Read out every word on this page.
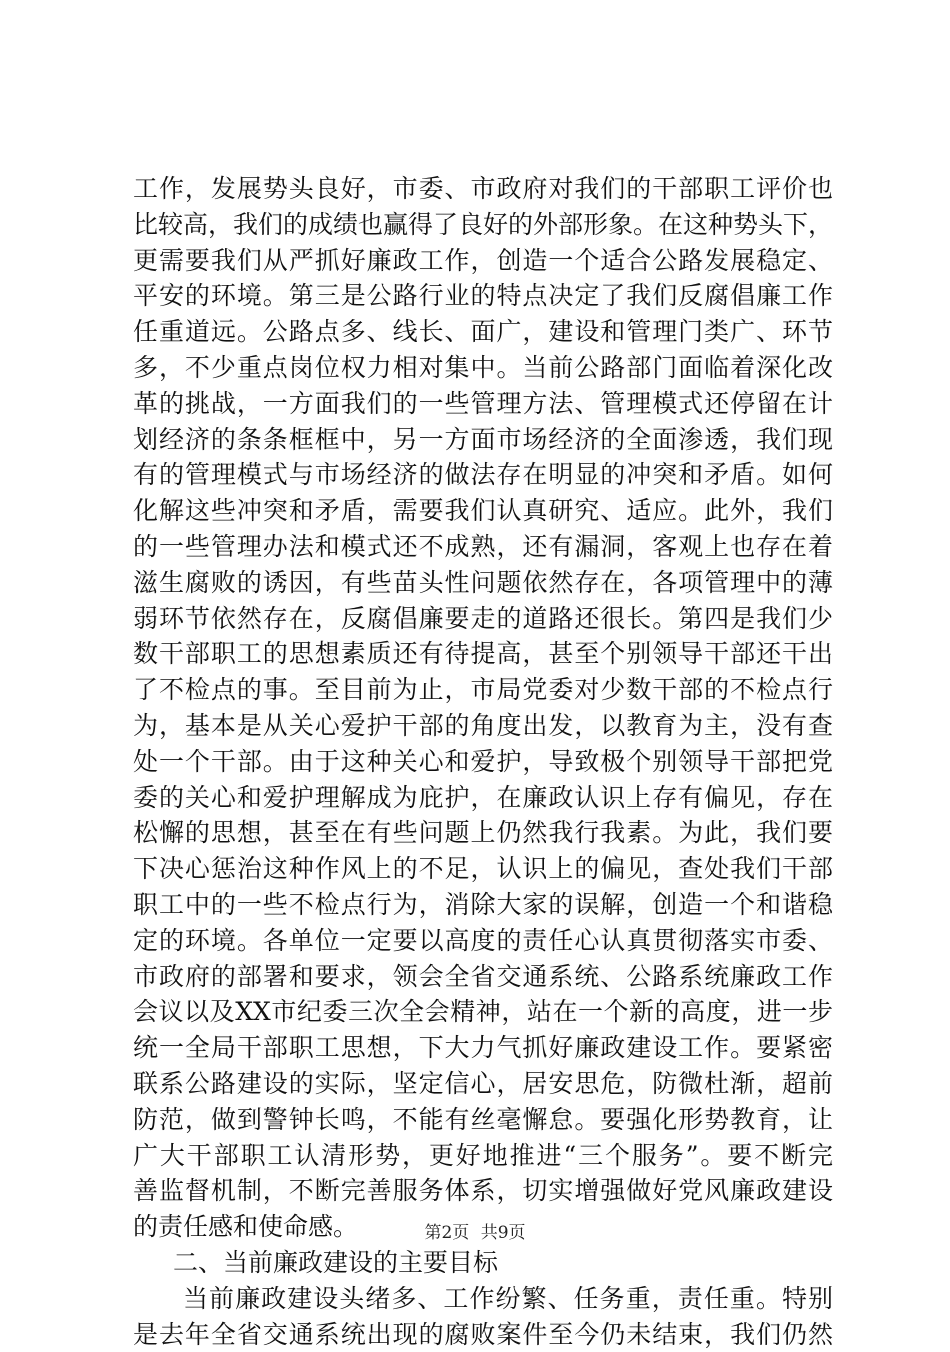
工作，发展势头良好，市委、市政府对我们的干部职工评价也
比较高，我们的成绩也赢得了良好的外部形象。在这种势头下，
更需要我们从严抓好廉政工作，创造一个适合公路发展稳定、
平安的环境。第三是公路行业的特点决定了我们反腐倡廉工作
任重道远。公路点多、线长、面广，建设和管理门类广、环节
多，不少重点岗位权力相对集中。当前公路部门面临着深化改
革的挑战，一方面我们的一些管理方法、管理模式还停留在计
划经济的条条框框中，另一方面市场经济的全面渗透，我们现
有的管理模式与市场经济的做法存在明显的冲突和矛盾。如何
化解这些冲突和矛盾，需要我们认真研究、适应。此外，我们
的一些管理办法和模式还不成熟，还有漏洞，客观上也存在着
滋生腐败的诱因，有些苗头性问题依然存在，各项管理中的薄
弱环节依然存在，反腐倡廉要走的道路还很长。第四是我们少
数干部职工的思想素质还有待提高，甚至个别领导干部还干出
了不检点的事。至目前为止，市局党委对少数干部的不检点行
为，基本是从关心爱护干部的角度出发，以教育为主，没有查
处一个干部。由于这种关心和爱护，导致极个别领导干部把党
委的关心和爱护理解成为庇护，在廉政认识上存有偏见，存在
松懈的思想，甚至在有些问题上仍然我行我素。为此，我们要
下决心惩治这种作风上的不足，认识上的偏见，查处我们干部
职工中的一些不检点行为，消除大家的误解，创造一个和谐稳
定的环境。各单位一定要以高度的责任心认真贯彻落实市委、
市政府的部署和要求，领会全省交通系统、公路系统廉政工作
会议以及XX市纪委三次全会精神，站在一个新的高度，进一步
统一全局干部职工思想，下大力气抓好廉政建设工作。要紧密
联系公路建设的实际，坚定信心，居安思危，防微杜渐，超前
防范，做到警钟长鸣，不能有丝毫懈怠。要强化形势教育，让
广大干部职工认清形势，更好地推进“三个服务”。要不断完
善监督机制，不断完善服务体系，切实增强做好党风廉政建设
的责任感和使命感。
二、当前廉政建设的主要目标
当前廉政建设头绪多、工作纷繁、任务重，责任重。特别
是去年全省交通系统出现的腐败案件至今仍未结束，我们仍然
第2页 共9页
